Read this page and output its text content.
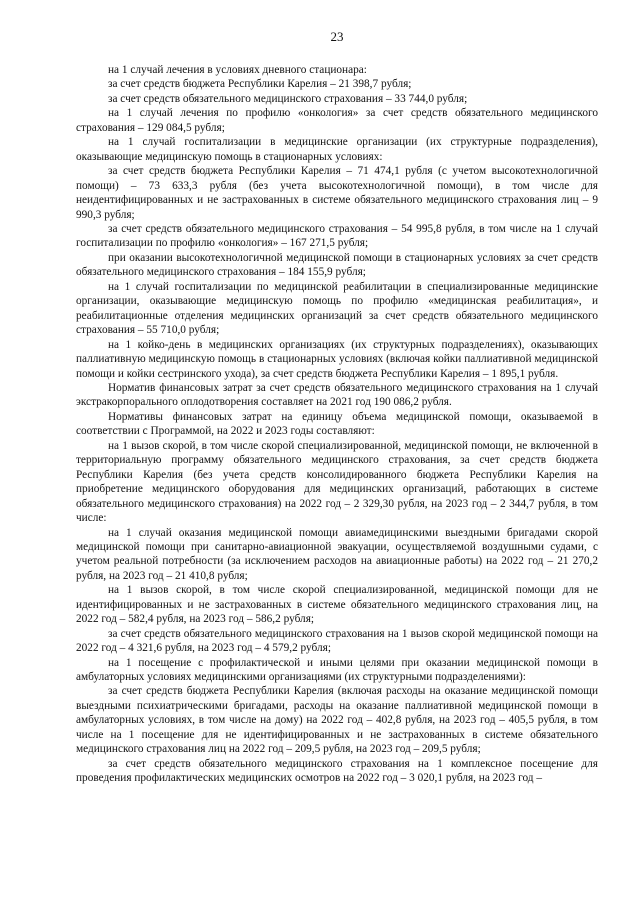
23

на 1 случай лечения в условиях дневного стационара:

за счет средств бюджета Республики Карелия – 21 398,7 рубля;

за счет средств обязательного медицинского страхования – 33 744,0 рубля;

на 1 случай лечения по профилю «онкология» за счет средств обязательного медицинского страхования – 129 084,5 рубля;

на 1 случай госпитализации в медицинские организации (их структурные подразделения), оказывающие медицинскую помощь в стационарных условиях:

за счет средств бюджета Республики Карелия – 71 474,1 рубля (с учетом высокотехнологичной помощи) – 73 633,3 рубля (без учета высокотехнологичной помощи), в том числе для неидентифицированных и не застрахованных в системе обязательного медицинского страхования лиц – 9 990,3 рубля;

за счет средств обязательного медицинского страхования – 54 995,8 рубля, в том числе на 1 случай госпитализации по профилю «онкология» – 167 271,5 рубля;

при оказании высокотехнологичной медицинской помощи в стационарных условиях за счет средств обязательного медицинского страхования – 184 155,9 рубля;

на 1 случай госпитализации по медицинской реабилитации в специализированные медицинские организации, оказывающие медицинскую помощь по профилю «медицинская реабилитация», и реабилитационные отделения медицинских организаций за счет средств обязательного медицинского страхования – 55 710,0 рубля;

на 1 койко-день в медицинских организациях (их структурных подразделениях), оказывающих паллиативную медицинскую помощь в стационарных условиях (включая койки паллиативной медицинской помощи и койки сестринского ухода), за счет средств бюджета Республики Карелия – 1 895,1 рубля.

Норматив финансовых затрат за счет средств обязательного медицинского страхования на 1 случай экстракорпорального оплодотворения составляет на 2021 год 190 086,2 рубля.

Нормативы финансовых затрат на единицу объема медицинской помощи, оказываемой в соответствии с Программой, на 2022 и 2023 годы составляют:

на 1 вызов скорой, в том числе скорой специализированной, медицинской помощи, не включенной в территориальную программу обязательного медицинского страхования, за счет средств бюджета Республики Карелия (без учета средств консолидированного бюджета Республики Карелия на приобретение медицинского оборудования для медицинских организаций, работающих в системе обязательного медицинского страхования) на 2022 год – 2 329,30 рубля, на 2023 год – 2 344,7 рубля, в том числе:

на 1 случай оказания медицинской помощи авиамедицинскими выездными бригадами скорой медицинской помощи при санитарно-авиационной эвакуации, осуществляемой воздушными судами, с учетом реальной потребности (за исключением расходов на авиационные работы) на 2022 год – 21 270,2 рубля, на 2023 год – 21 410,8 рубля;

на 1 вызов скорой, в том числе скорой специализированной, медицинской помощи для не идентифицированных и не застрахованных в системе обязательного медицинского страхования лиц, на 2022 год – 582,4 рубля, на 2023 год – 586,2 рубля;

за счет средств обязательного медицинского страхования на 1 вызов скорой медицинской помощи на 2022 год – 4 321,6 рубля, на 2023 год – 4 579,2 рубля;

на 1 посещение с профилактической и иными целями при оказании медицинской помощи в амбулаторных условиях медицинскими организациями (их структурными подразделениями):

за счет средств бюджета Республики Карелия (включая расходы на оказание медицинской помощи выездными психиатрическими бригадами, расходы на оказание паллиативной медицинской помощи в амбулаторных условиях, в том числе на дому) на 2022 год – 402,8 рубля, на 2023 год – 405,5 рубля, в том числе на 1 посещение для не идентифицированных и не застрахованных в системе обязательного медицинского страхования лиц на 2022 год – 209,5 рубля, на 2023 год – 209,5 рубля;

за счет средств обязательного медицинского страхования на 1 комплексное посещение для проведения профилактических медицинских осмотров на 2022 год – 3 020,1 рубля, на 2023 год –
